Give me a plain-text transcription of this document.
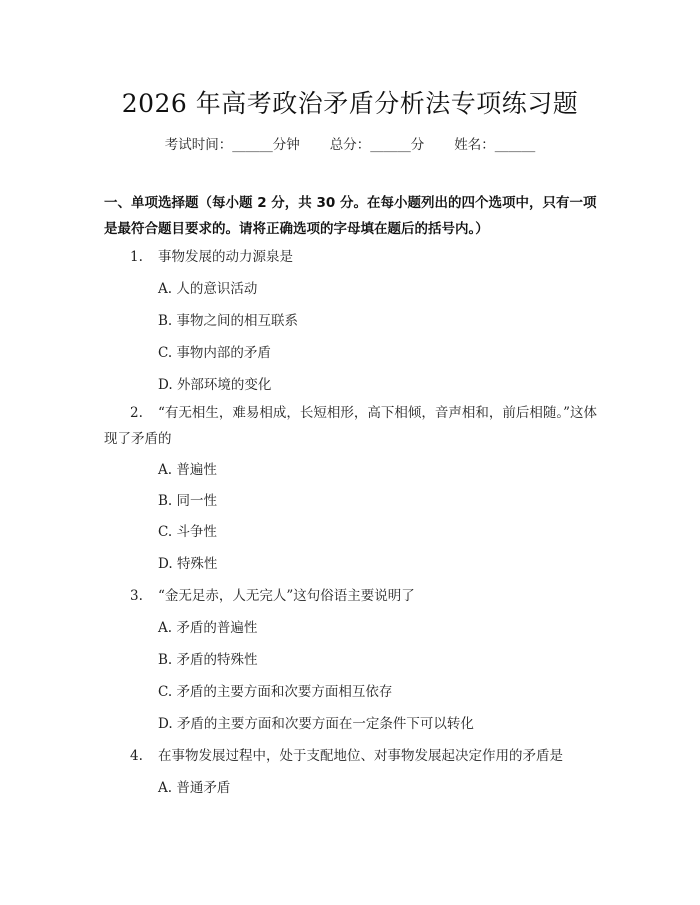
2026 年高考政治矛盾分析法专项练习题
考试时间：______分钟 总分：______分 姓名：______
一、单项选择题（每小题 2 分，共 30 分。在每小题列出的四个选项中，只有一项是最符合题目要求的。请将正确选项的字母填在题后的括号内。）
1. 事物发展的动力源泉是
A. 人的意识活动
B. 事物之间的相互联系
C. 事物内部的矛盾
D. 外部环境的变化
2. “有无相生，难易相成，长短相形，高下相倾，音声相和，前后相随。”这体现了矛盾的
A. 普遍性
B. 同一性
C. 斗争性
D. 特殊性
3. “金无足赤，人无完人”这句俗语主要说明了
A. 矛盾的普遍性
B. 矛盾的特殊性
C. 矛盾的主要方面和次要方面相互依存
D. 矛盾的主要方面和次要方面在一定条件下可以转化
4. 在事物发展过程中，处于支配地位、对事物发展起决定作用的矛盾是
A. 普通矛盾
